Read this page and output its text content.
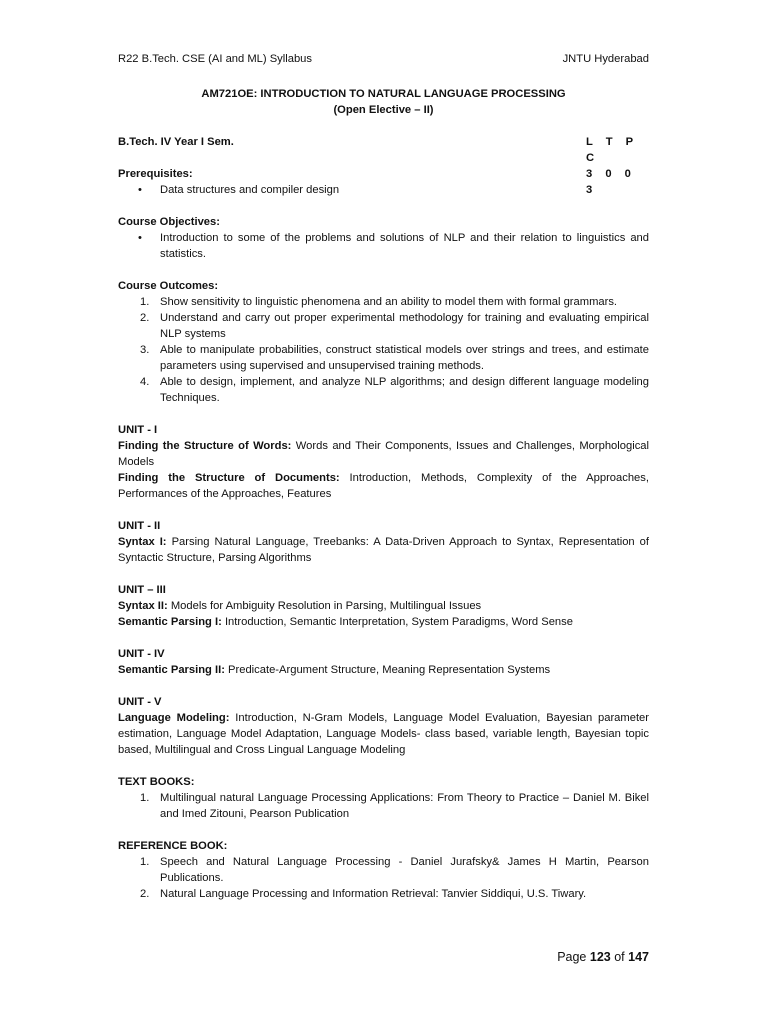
R22 B.Tech. CSE (AI and ML) Syllabus	JNTU Hyderabad
AM721OE: INTRODUCTION TO NATURAL LANGUAGE PROCESSING
(Open Elective – II)
B.Tech. IV Year I Sem.	L T P C
3 0 0 3
Prerequisites:
• Data structures and compiler design
Course Objectives:
• Introduction to some of the problems and solutions of NLP and their relation to linguistics and statistics.
Course Outcomes:
1. Show sensitivity to linguistic phenomena and an ability to model them with formal grammars.
2. Understand and carry out proper experimental methodology for training and evaluating empirical NLP systems
3. Able to manipulate probabilities, construct statistical models over strings and trees, and estimate parameters using supervised and unsupervised training methods.
4. Able to design, implement, and analyze NLP algorithms; and design different language modeling Techniques.
UNIT - I

Finding the Structure of Words: Words and Their Components, Issues and Challenges, Morphological Models

Finding the Structure of Documents: Introduction, Methods, Complexity of the Approaches, Performances of the Approaches, Features

UNIT - II

Syntax I: Parsing Natural Language, Treebanks: A Data-Driven Approach to Syntax, Representation of Syntactic Structure, Parsing Algorithms

UNIT – III

Syntax II: Models for Ambiguity Resolution in Parsing, Multilingual Issues

Semantic Parsing I: Introduction, Semantic Interpretation, System Paradigms, Word Sense

UNIT - IV

Semantic Parsing II: Predicate-Argument Structure, Meaning Representation Systems

UNIT - V

Language Modeling: Introduction, N-Gram Models, Language Model Evaluation, Bayesian parameter estimation, Language Model Adaptation, Language Models- class based, variable length, Bayesian topic based, Multilingual and Cross Lingual Language Modeling

TEXT BOOKS:
1. Multilingual natural Language Processing Applications: From Theory to Practice – Daniel M. Bikel and Imed Zitouni, Pearson Publication
REFERENCE BOOK:
1. Speech and Natural Language Processing - Daniel Jurafsky& James H Martin, Pearson Publications.
2. Natural Language Processing and Information Retrieval: Tanvier Siddiqui, U.S. Tiwary.
Page 123 of 147
